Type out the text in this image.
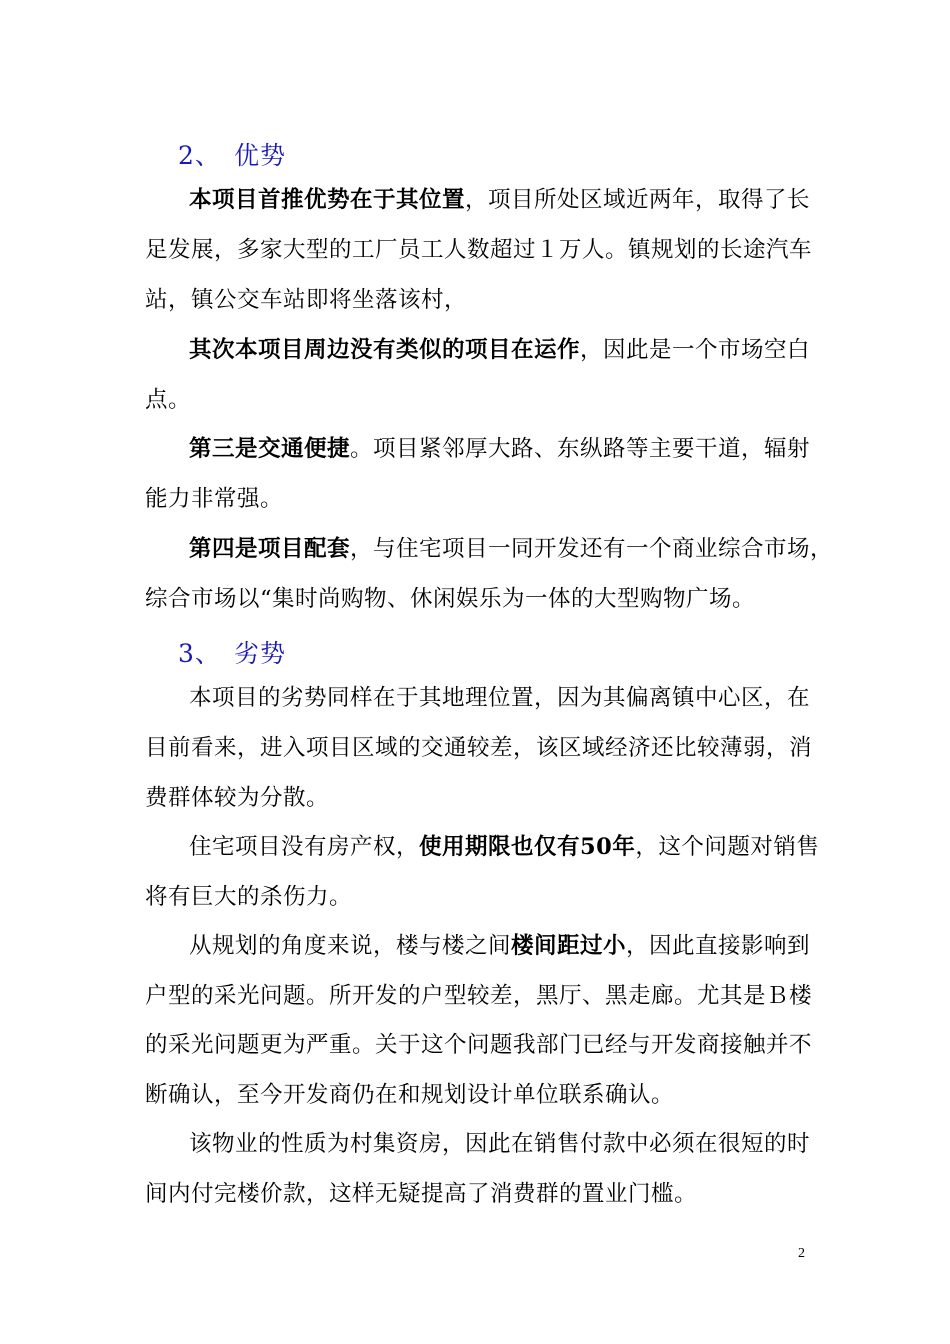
2、 优势
本项目首推优势在于其位置，项目所处区域近两年，取得了长
足发展，多家大型的工厂员工人数超过１万人。镇规划的长途汽车
站，镇公交车站即将坐落该村，
其次本项目周边没有类似的项目在运作，因此是一个市场空白
点。
第三是交通便捷。项目紧邻厚大路、东纵路等主要干道，辐射
能力非常强。
第四是项目配套，与住宅项目一同开发还有一个商业综合市场，
综合市场以“集时尚购物、休闲娱乐为一体的大型购物广场。
3、 劣势
本项目的劣势同样在于其地理位置，因为其偏离镇中心区，在
目前看来，进入项目区域的交通较差，该区域经济还比较薄弱，消
费群体较为分散。
住宅项目没有房产权，使用期限也仅有50年，这个问题对销售
将有巨大的杀伤力。
从规划的角度来说，楼与楼之间楼间距过小，因此直接影响到
户型的采光问题。所开发的户型较差，黑厅、黑走廊。尤其是Ｂ楼
的采光问题更为严重。关于这个问题我部门已经与开发商接触并不
断确认，至今开发商仍在和规划设计单位联系确认。
该物业的性质为村集资房，因此在销售付款中必须在很短的时
间内付完楼价款，这样无疑提高了消费群的置业门槛。
2
